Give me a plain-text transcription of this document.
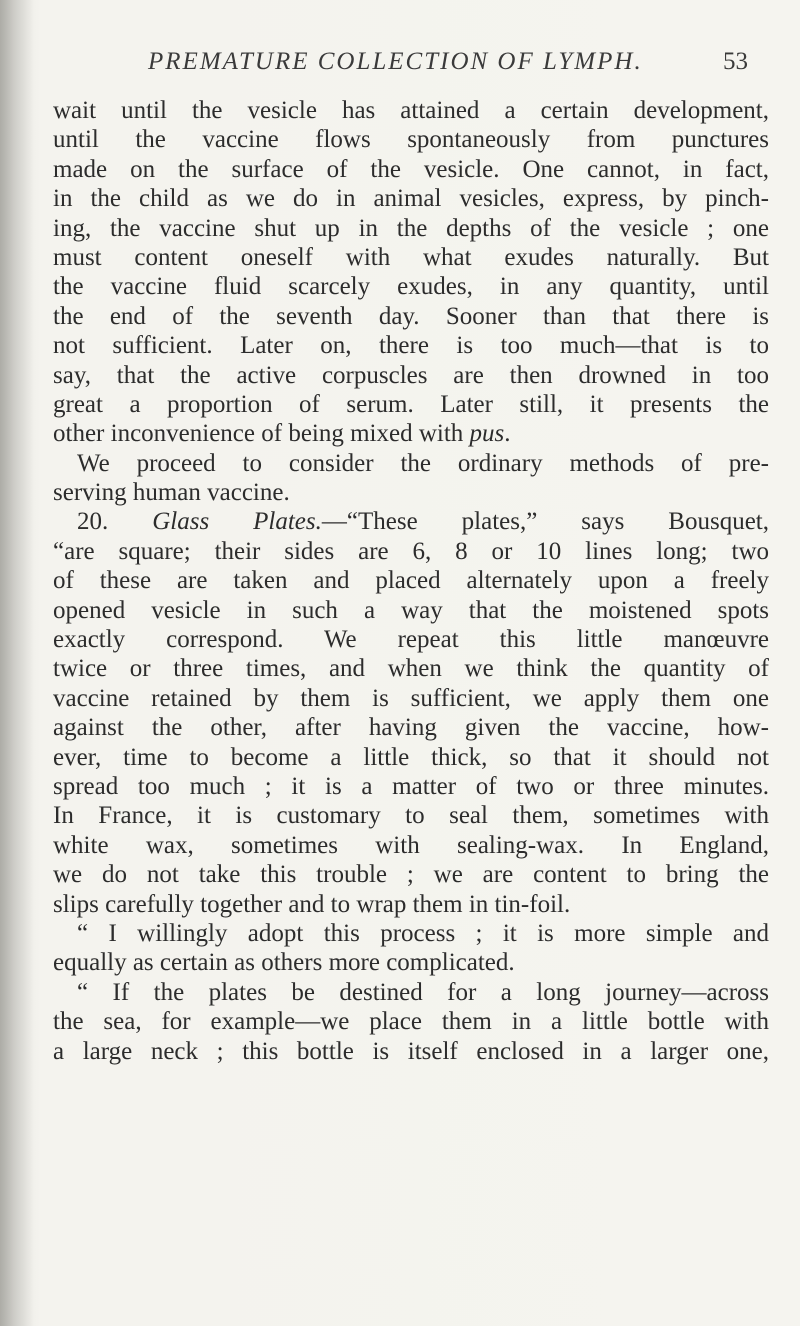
PREMATURE COLLECTION OF LYMPH.	53
wait until the vesicle has attained a certain development,
until the vaccine flows spontaneously from punctures
made on the surface of the vesicle. One cannot, in fact,
in the child as we do in animal vesicles, express, by pinch-
ing, the vaccine shut up in the depths of the vesicle ; one
must content oneself with what exudes naturally. But
the vaccine fluid scarcely exudes, in any quantity, until
the end of the seventh day. Sooner than that there is
not sufficient. Later on, there is too much—that is to
say, that the active corpuscles are then drowned in too
great a proportion of serum. Later still, it presents the
other inconvenience of being mixed with pus.
We proceed to consider the ordinary methods of pre-
serving human vaccine.
20. Glass Plates.—“These plates,” says Bousquet,
“are square; their sides are 6, 8 or 10 lines long; two
of these are taken and placed alternately upon a freely
opened vesicle in such a way that the moistened spots
exactly correspond. We repeat this little manœuvre
twice or three times, and when we think the quantity of
vaccine retained by them is sufficient, we apply them one
against the other, after having given the vaccine, how-
ever, time to become a little thick, so that it should not
spread too much ; it is a matter of two or three minutes.
In France, it is customary to seal them, sometimes with
white wax, sometimes with sealing-wax. In England,
we do not take this trouble ; we are content to bring the
slips carefully together and to wrap them in tin-foil.
“ I willingly adopt this process ; it is more simple and
equally as certain as others more complicated.
“ If the plates be destined for a long journey—across
the sea, for example—we place them in a little bottle with
a large neck ; this bottle is itself enclosed in a larger one,
